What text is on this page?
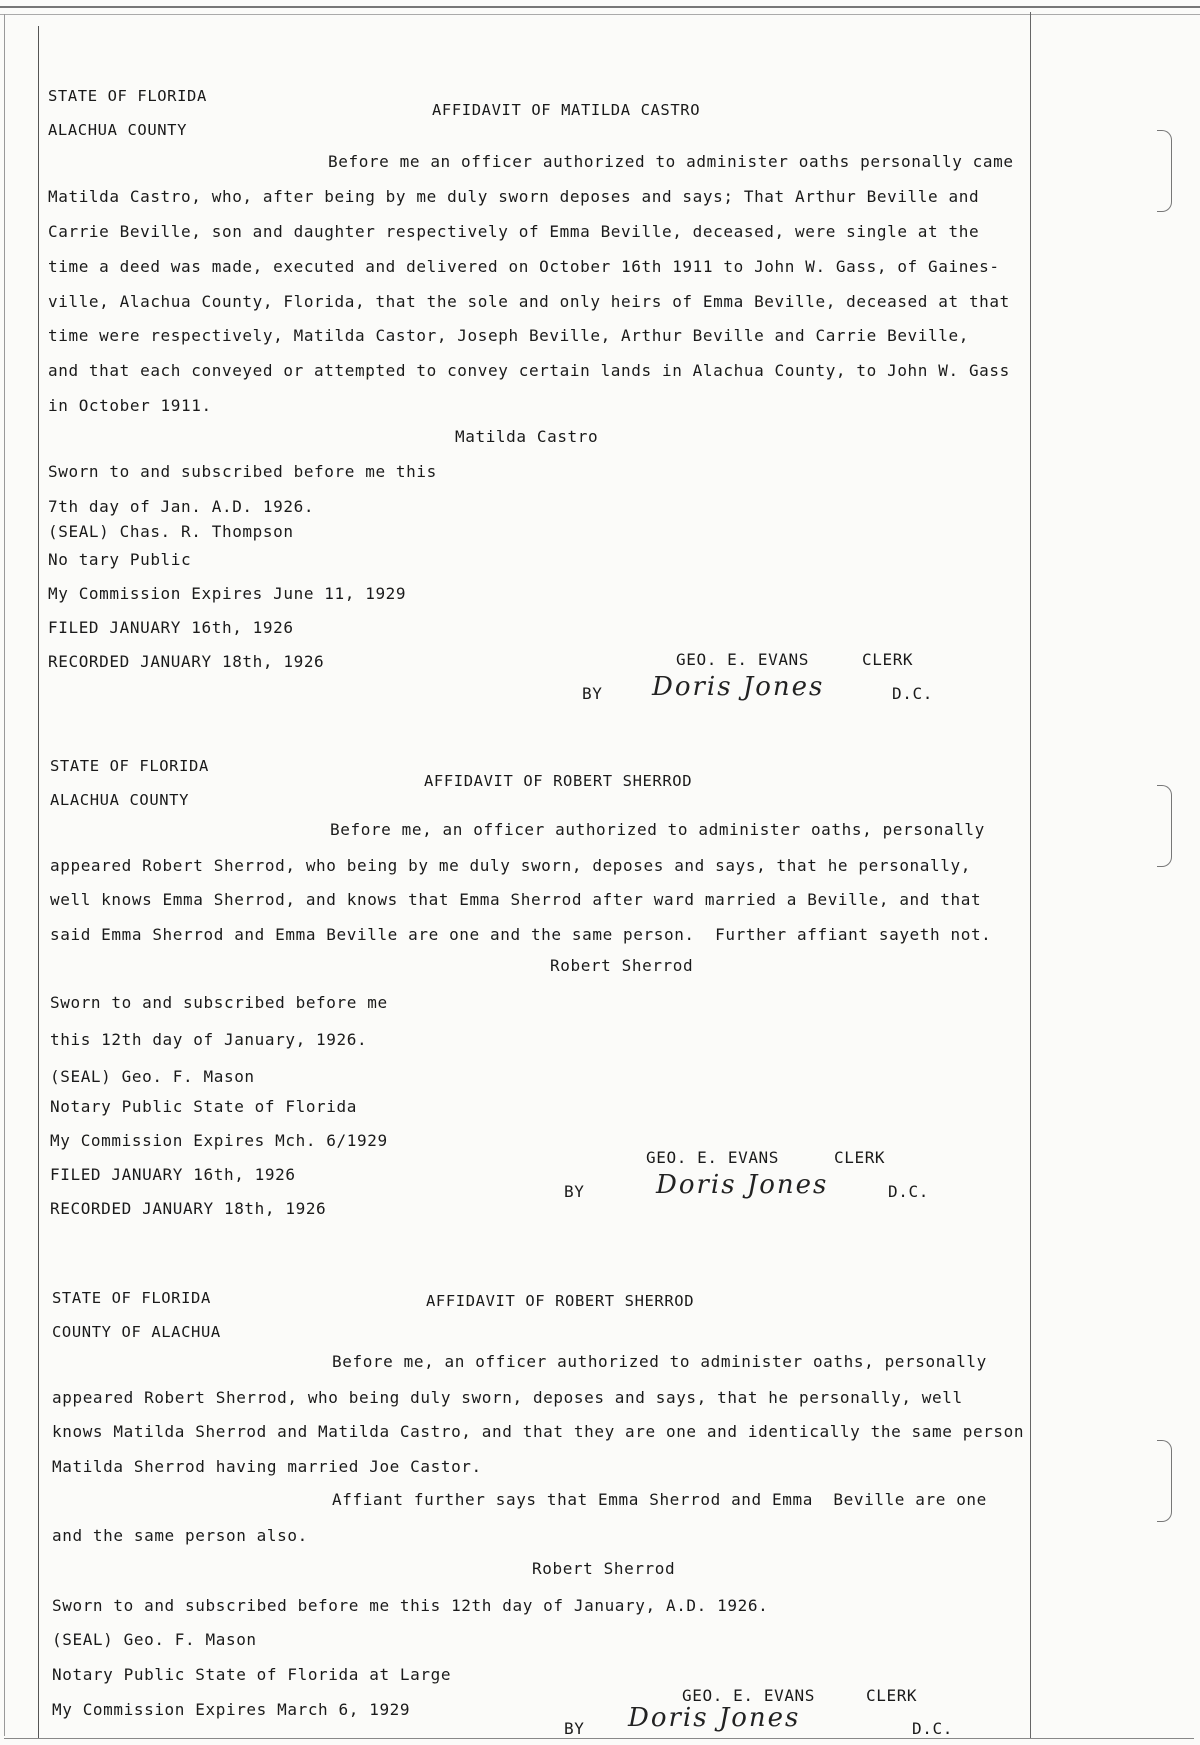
STATE OF FLORIDA
ALACHUA COUNTY
AFFIDAVIT OF MATILDA CASTRO
Before me an officer authorized to administer oaths personally came
Matilda Castro, who, after being by me duly sworn deposes and says; That Arthur Beville and
Carrie Beville, son and daughter respectively of Emma Beville, deceased, were single at the
time a deed was made, executed and delivered on October 16th 1911 to John W. Gass, of Gaines-
ville, Alachua County, Florida, that the sole and only heirs of Emma Beville, deceased at that
time were respectively, Matilda Castor, Joseph Beville, Arthur Beville and Carrie Beville,
and that each conveyed or attempted to convey certain lands in Alachua County, to John W. Gass
in October 1911.
Matilda Castro
Sworn to and subscribed before me this
7th day of Jan. A.D. 1926.
(SEAL) Chas. R. Thompson
No tary Public
My Commission Expires June 11, 1929
FILED JANUARY 16th, 1926
RECORDED JANUARY 18th, 1926	GEO. E. EVANS	CLERK
BY Doris Jones	D.C.
STATE OF FLORIDA
ALACHUA COUNTY
AFFIDAVIT OF ROBERT SHERROD
Before me, an officer authorized to administer oaths, personally
appeared Robert Sherrod, who being by me duly sworn, deposes and says, that he personally,
well knows Emma Sherrod, and knows that Emma Sherrod after ward married a Beville, and that
said Emma Sherrod and Emma Beville are one and the same person.  Further affiant sayeth not.
Robert Sherrod
Sworn to and subscribed before me
this 12th day of January, 1926.
(SEAL) Geo. F. Mason
Notary Public State of Florida
My Commission Expires Mch. 6/1929
FILED JANUARY 16th, 1926
RECORDED JANUARY 18th, 1926
GEO. E. EVANS	CLERK
BY	Doris Jones	D.C.
STATE OF FLORIDA
COUNTY OF ALACHUA
AFFIDAVIT OF ROBERT SHERROD
Before me, an officer authorized to administer oaths, personally
appeared Robert Sherrod, who being duly sworn, deposes and says, that he personally, well
knows Matilda Sherrod and Matilda Castro, and that they are one and identically the same person
Matilda Sherrod having married Joe Castor.
Affiant further says that Emma Sherrod and Emma  Beville are one
and the same person also.
Robert Sherrod
Sworn to and subscribed before me this 12th day of January, A.D. 1926.
(SEAL) Geo. F. Mason
Notary Public State of Florida at Large
My Commission Expires March 6, 1929
GEO. E. EVANS	CLERK
BY Doris Jones	D.C.
